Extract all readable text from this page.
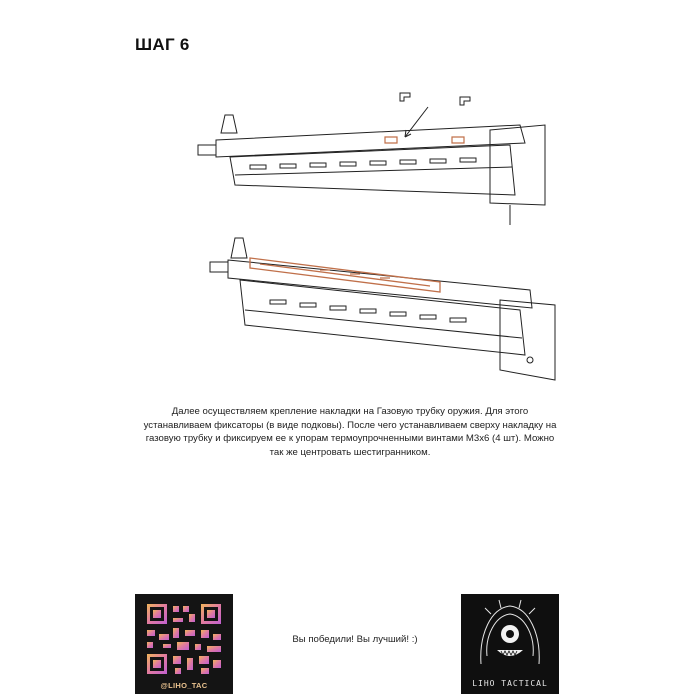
ШАГ 6
Далее осуществляем крепление накладки на Газовую трубку оружия. Для этого устанавливаем фиксаторы (в виде подковы). После чего устанавливаем сверху накладку на газовую трубку и фиксируем ее к упорам термоупрочненными винтами М3х6 (4 шт). Можно так же центровать шестигранником.
@LIHO_TAC
Вы победили! Вы лучший! :)
LIHO TACTICAL
